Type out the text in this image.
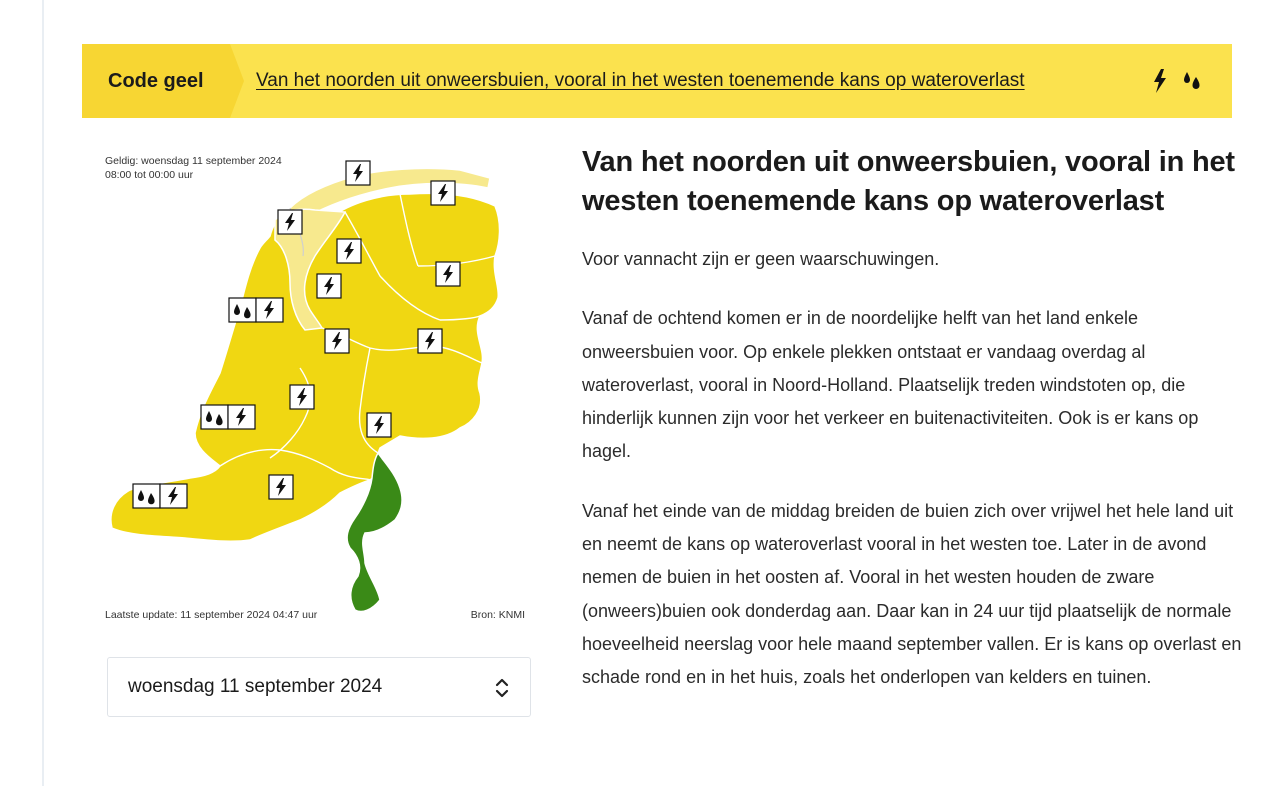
Code geel	Van het noorden uit onweersbuien, vooral in het westen toenemende kans op wateroverlast
Geldig: woensdag 11 september 2024
08:00 tot 00:00 uur
Laatste update: 11 september 2024 04:47 uur	Bron: KNMI
woensdag 11 september 2024
Van het noorden uit onweersbuien, vooral in het westen toenemende kans op wateroverlast

Voor vannacht zijn er geen waarschuwingen.

Vanaf de ochtend komen er in de noordelijke helft van het land enkele onweersbuien voor. Op enkele plekken ontstaat er vandaag overdag al wateroverlast, vooral in Noord-Holland. Plaatselijk treden windstoten op, die hinderlijk kunnen zijn voor het verkeer en buitenactiviteiten. Ook is er kans op hagel.

Vanaf het einde van de middag breiden de buien zich over vrijwel het hele land uit en neemt de kans op wateroverlast vooral in het westen toe. Later in de avond nemen de buien in het oosten af. Vooral in het westen houden de zware (onweers)buien ook donderdag aan. Daar kan in 24 uur tijd plaatselijk de normale hoeveelheid neerslag voor hele maand september vallen. Er is kans op overlast en schade rond en in het huis, zoals het onderlopen van kelders en tuinen.
